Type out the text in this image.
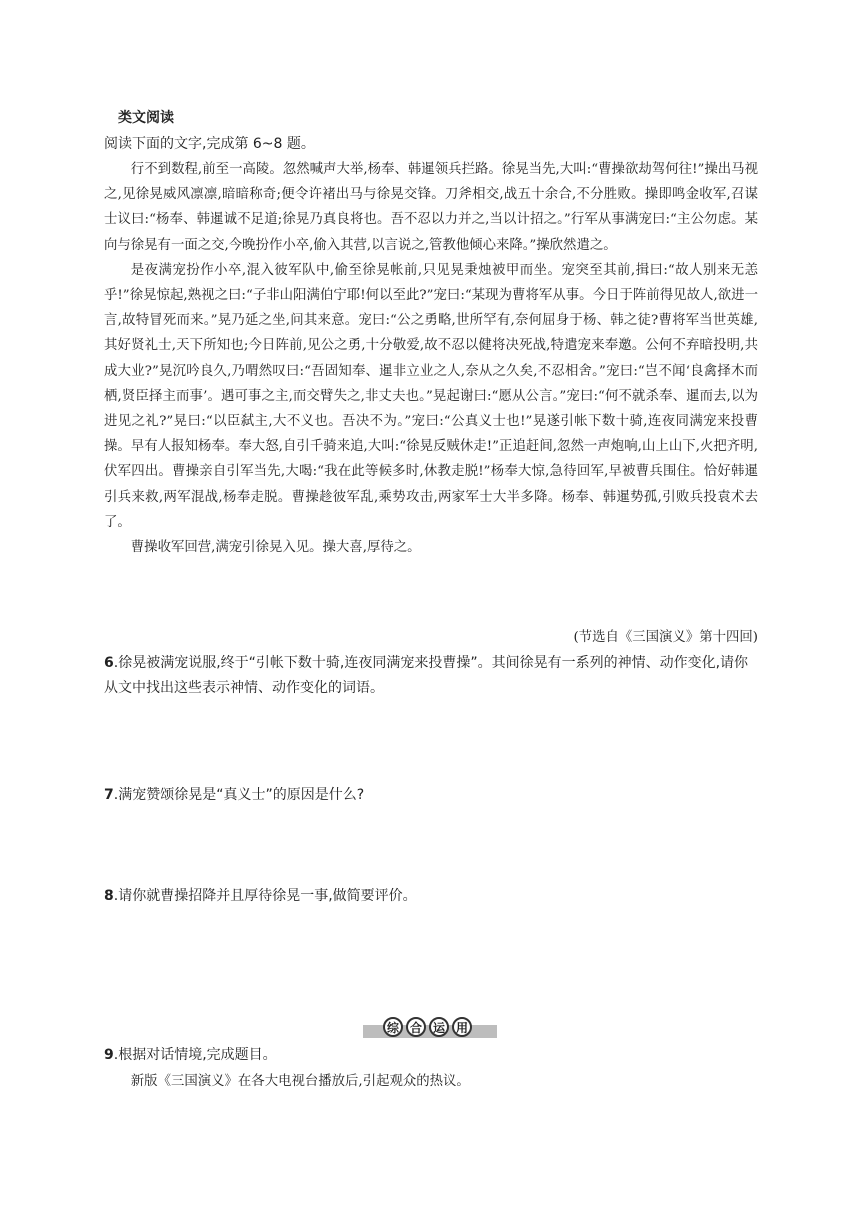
类文阅读
阅读下面的文字,完成第 6~8 题。

行不到数程,前至一高陵。忽然喊声大举,杨奉、韩暹领兵拦路。徐晃当先,大叫:“曹操欲劫驾何往!”操出马视之,见徐晃威风凛凛,暗暗称奇;便令许褚出马与徐晃交锋。刀斧相交,战五十余合,不分胜败。操即鸣金收军,召谋士议曰:“杨奉、韩暹诚不足道;徐晃乃真良将也。吾不忍以力并之,当以计招之。”行军从事满宠曰:“主公勿虑。某向与徐晃有一面之交,今晚扮作小卒,偷入其营,以言说之,管教他倾心来降。”操欣然遣之。

是夜满宠扮作小卒,混入彼军队中,偷至徐晃帐前,只见晃秉烛被甲而坐。宠突至其前,揖曰:“故人别来无恙乎!”徐晃惊起,熟视之曰:“子非山阳满伯宁耶!何以至此?”宠曰:“某现为曹将军从事。今日于阵前得见故人,欲进一言,故特冒死而来。”晃乃延之坐,问其来意。宠曰:“公之勇略,世所罕有,奈何屈身于杨、韩之徒?曹将军当世英雄,其好贤礼士,天下所知也;今日阵前,见公之勇,十分敬爱,故不忍以健将决死战,特遣宠来奉邀。公何不弃暗投明,共成大业?”晃沉吟良久,乃喟然叹曰:“吾固知奉、暹非立业之人,奈从之久矣,不忍相舍。”宠曰:“岂不闻‘良禽择木而栖,贤臣择主而事’。遇可事之主,而交臂失之,非丈夫也。”晃起谢曰:“愿从公言。”宠曰:“何不就杀奉、暹而去,以为进见之礼?”晃曰:“以臣弑主,大不义也。吾决不为。”宠曰:“公真义士也!”晃遂引帐下数十骑,连夜同满宠来投曹操。早有人报知杨奉。奉大怒,自引千骑来追,大叫:“徐晃反贼休走!”正追赶间,忽然一声炮响,山上山下,火把齐明,伏军四出。曹操亲自引军当先,大喝:“我在此等候多时,休教走脱!”杨奉大惊,急待回军,早被曹兵围住。恰好韩暹引兵来救,两军混战,杨奉走脱。曹操趁彼军乱,乘势攻击,两家军士大半多降。杨奉、韩暹势孤,引败兵投袁术去了。

曹操收军回营,满宠引徐晃入见。操大喜,厚待之。

(节选自《三国演义》第十四回)
6.徐晃被满宠说服,终于“引帐下数十骑,连夜同满宠来投曹操”。其间徐晃有一系列的神情、动作变化,请你从文中找出这些表示神情、动作变化的词语。
7.满宠赞颂徐晃是“真义士”的原因是什么?
8.请你就曹操招降并且厚待徐晃一事,做简要评价。
综 合 运 用
9.根据对话情境,完成题目。
新版《三国演义》在各大电视台播放后,引起观众的热议。
